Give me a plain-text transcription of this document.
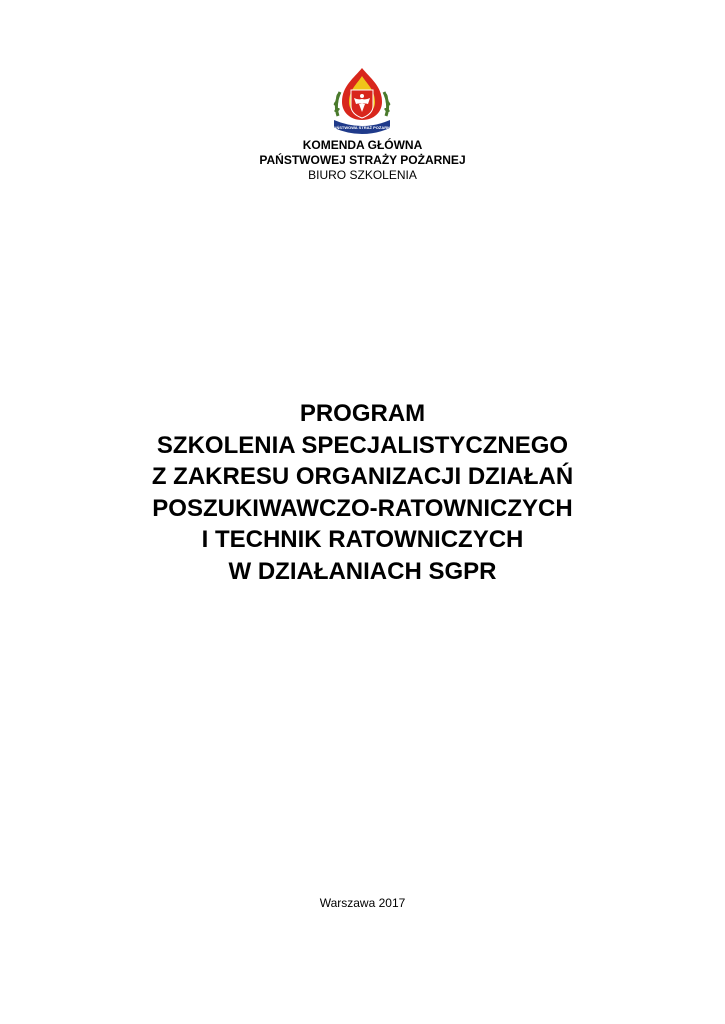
PAŃSTWOWA STRAŻ POŻARNA
KOMENDA GŁÓWNA
PAŃSTWOWEJ STRAŻY POŻARNEJ
BIURO SZKOLENIA
PROGRAM
SZKOLENIA SPECJALISTYCZNEGO
Z ZAKRESU ORGANIZACJI DZIAŁAŃ
POSZUKIWAWCZO-RATOWNICZYCH
I TECHNIK RATOWNICZYCH
W DZIAŁANIACH SGPR
Warszawa 2017
